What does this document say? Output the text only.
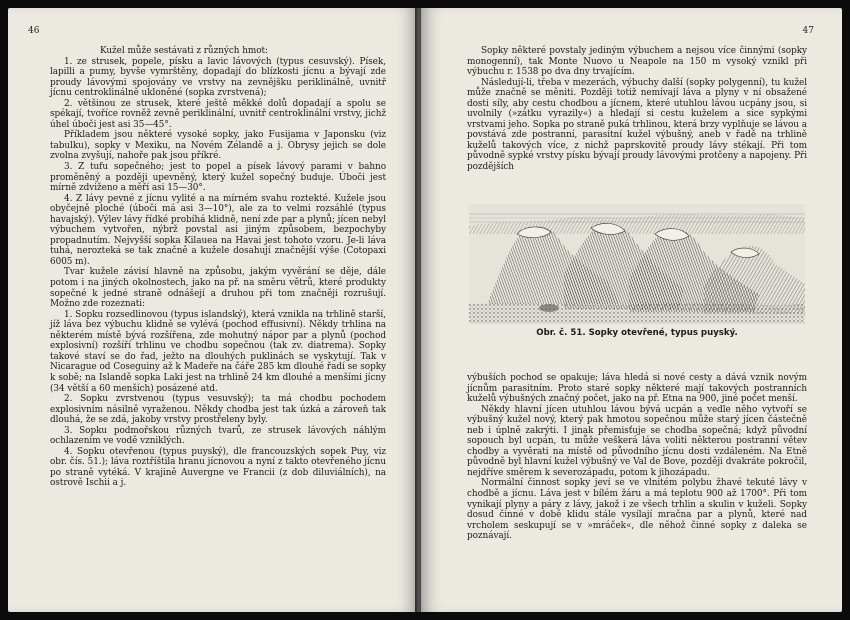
46

Kužel může sestávati z různých hmot:

1. ze strusek, popele, písku a lavic lávových (typus cesuvský). Písek, lapilli a pumy, byvše vymrštěny, dopadají do blízkosti jícnu a bývají zde proudy lávovými spojovány ve vrstvy na zevnějšku periklinálně, uvnitř jícnu centroklinálně ukloněné (sopka zvrstvená);

2. většinou ze strusek, které ještě měkké dolů dopadají a spolu se spékají, tvoříce rovněž zevně periklinální, uvnitř centroklinální vrstvy, jichž úhel úboči jest asi 35—45°.

Příkladem jsou některé vysoké sopky, jako Fusijama v Japonsku (viz tabulku), sopky v Mexiku, na Novém Zélandě a j. Obrysy jejich se dole zvolna zvyšují, nahoře pak jsou příkré.

3. Z tufu sopečného; jest to popel a písek lávový parami v bahno proměněný a později upevněný, který kužel sopečný buduje. Úboči jest mírně zdviženo a měří asi 15—30°.

4. Z lávy pevné z jícnu vylité a na mírném svahu roztekté. Kužele jsou obyčejně ploché (úboči má asi 3—10°), ale za to velmi rozsáhlé (typus havajský). Výlev lávy řídké probíhá klidně, není zde par a plynů; jícen nebyl výbuchem vytvořen, nýbrž povstal asi jiným způsobem, bezpochyby propadnutím. Nejvyšší sopka Kilauea na Havai jest tohoto vzoru. Je-li láva tuhá, nerozteká se tak značně a kužele dosahují značnější výše (Cotopaxi 6005 m).

Tvar kužele závisí hlavně na způsobu, jakým vyvěrání se děje, dále potom i na jiných okolnostech, jako na př. na směru větrů, které produkty sopečné k jedné straně odnášejí a druhou při tom značněji rozrušují. Možno zde rozeznati:

1. Sopku rozsedlinovou (typus islandský), která vznikla na trhlině starší, jíž láva bez výbuchu klidně se vylévá (pochod effusivní). Někdy trhlina na některém místě bývá rozšířena, zde mohutný nápor par a plynů (pochod explosivní) rozšíří trhlinu ve chodbu sopečnou (tak zv. diatrema). Sopky takové staví se do řad, ježto na dlouhých puklinách se vyskytují. Tak v Nicarague od Coseguiny až k Madeře na čáře 285 km dlouhé řadí se sopky k sobě; na Islandě sopka Laki jest na trhlině 24 km dlouhé a menšími jícny (34 větší a 60 menších) posázené atd.

2. Sopku zvrstvenou (typus vesuvský); ta má chodbu pochodem explosivním násilně vyraženou. Někdy chodba jest tak úzká a zároveň tak dlouhá, že se zdá, jakoby vrstvy prostřeleny byly.

3. Sopku podmořskou různých tvarů, ze strusek lávových náhlým ochlazením ve vodě vzniklých.

4. Sopku otevřenou (typus puyský), dle francouzských sopek Puy, viz obr. čís. 51.); láva roztříštila hranu jícnovou a nyní z takto otevřeného jícnu po straně vytéká. V krajině Auvergne ve Francii (z dob diluviálních), na ostrově Ischii a j.

47

Sopky některé povstaly jediným výbuchem a nejsou více činnými (sopky monogenní), tak Monte Nuovo u Neapole na 150 m vysoký vznikl při výbuchu r. 1538 po dva dny trvajícím.

Následují-li, třeba v mezerách, výbuchy další (sopky polygenní), tu kužel může značně se měniti. Později totiž nemívají láva a plyny v ní obsažené dosti síly, aby cestu chodbou a jícnem, které utuhlou lávou ucpány jsou, si uvolnily (»zátku vyrazily«) a hledají si cestu kuželem a sice sypkými vrstvami jeho. Sopka po straně puká trhlinou, která brzy vyplňuje se lávou a povstává zde postranní, parasitní kužel výbušný, aneb v řadě na trhlině kuželů takových více, z nichž paprskovitě proudy lávy stékají. Při tom původně sypké vrstvy písku bývají proudy lávovými protčeny a napojeny. Při pozdějších

Obr. č. 51. Sopky otevřené, typus puyský.

výbuších pochod se opakuje; láva hledá si nové cesty a dává vznik novým jícnům parasitním. Proto staré sopky některé mají takových postranních kuželů výbušných značný počet, jako na př. Etna na 900, jiné počet menší.

Někdy hlavní jícen utuhlou lávou bývá ucpán a vedle něho vytvoří se výbušný kužel nový, který pak hmotou sopečnou může starý jícen částečně neb i úplně zakrýti. I jinak přemisťuje se chodba sopečná; když původní sopouch byl ucpán, tu může veškerá láva voliti některou postranní větev chodby a vyvěrati na místě od původního jícnu dosti vzdáleném. Na Etně původně byl hlavní kužel výbušný ve Val de Bove, později dvakráte pokročil, nejdříve směrem k severozápadu, potom k jihozápadu.

Normální činnost sopky jeví se ve vlnitém polybu žhavé tekuté lávy v chodbě a jícnu. Láva jest v bílém žáru a má teplotu 900 až 1700°. Při tom vynikají plyny a páry z lávy, jakož i ze všech trhlin a skulin v kuželi. Sopky dosud činné v době klidu stále vysílají mračna par a plynů, které nad vrcholem seskupují se v »mráček«, dle něhož činné sopky z daleka se poznávají.
